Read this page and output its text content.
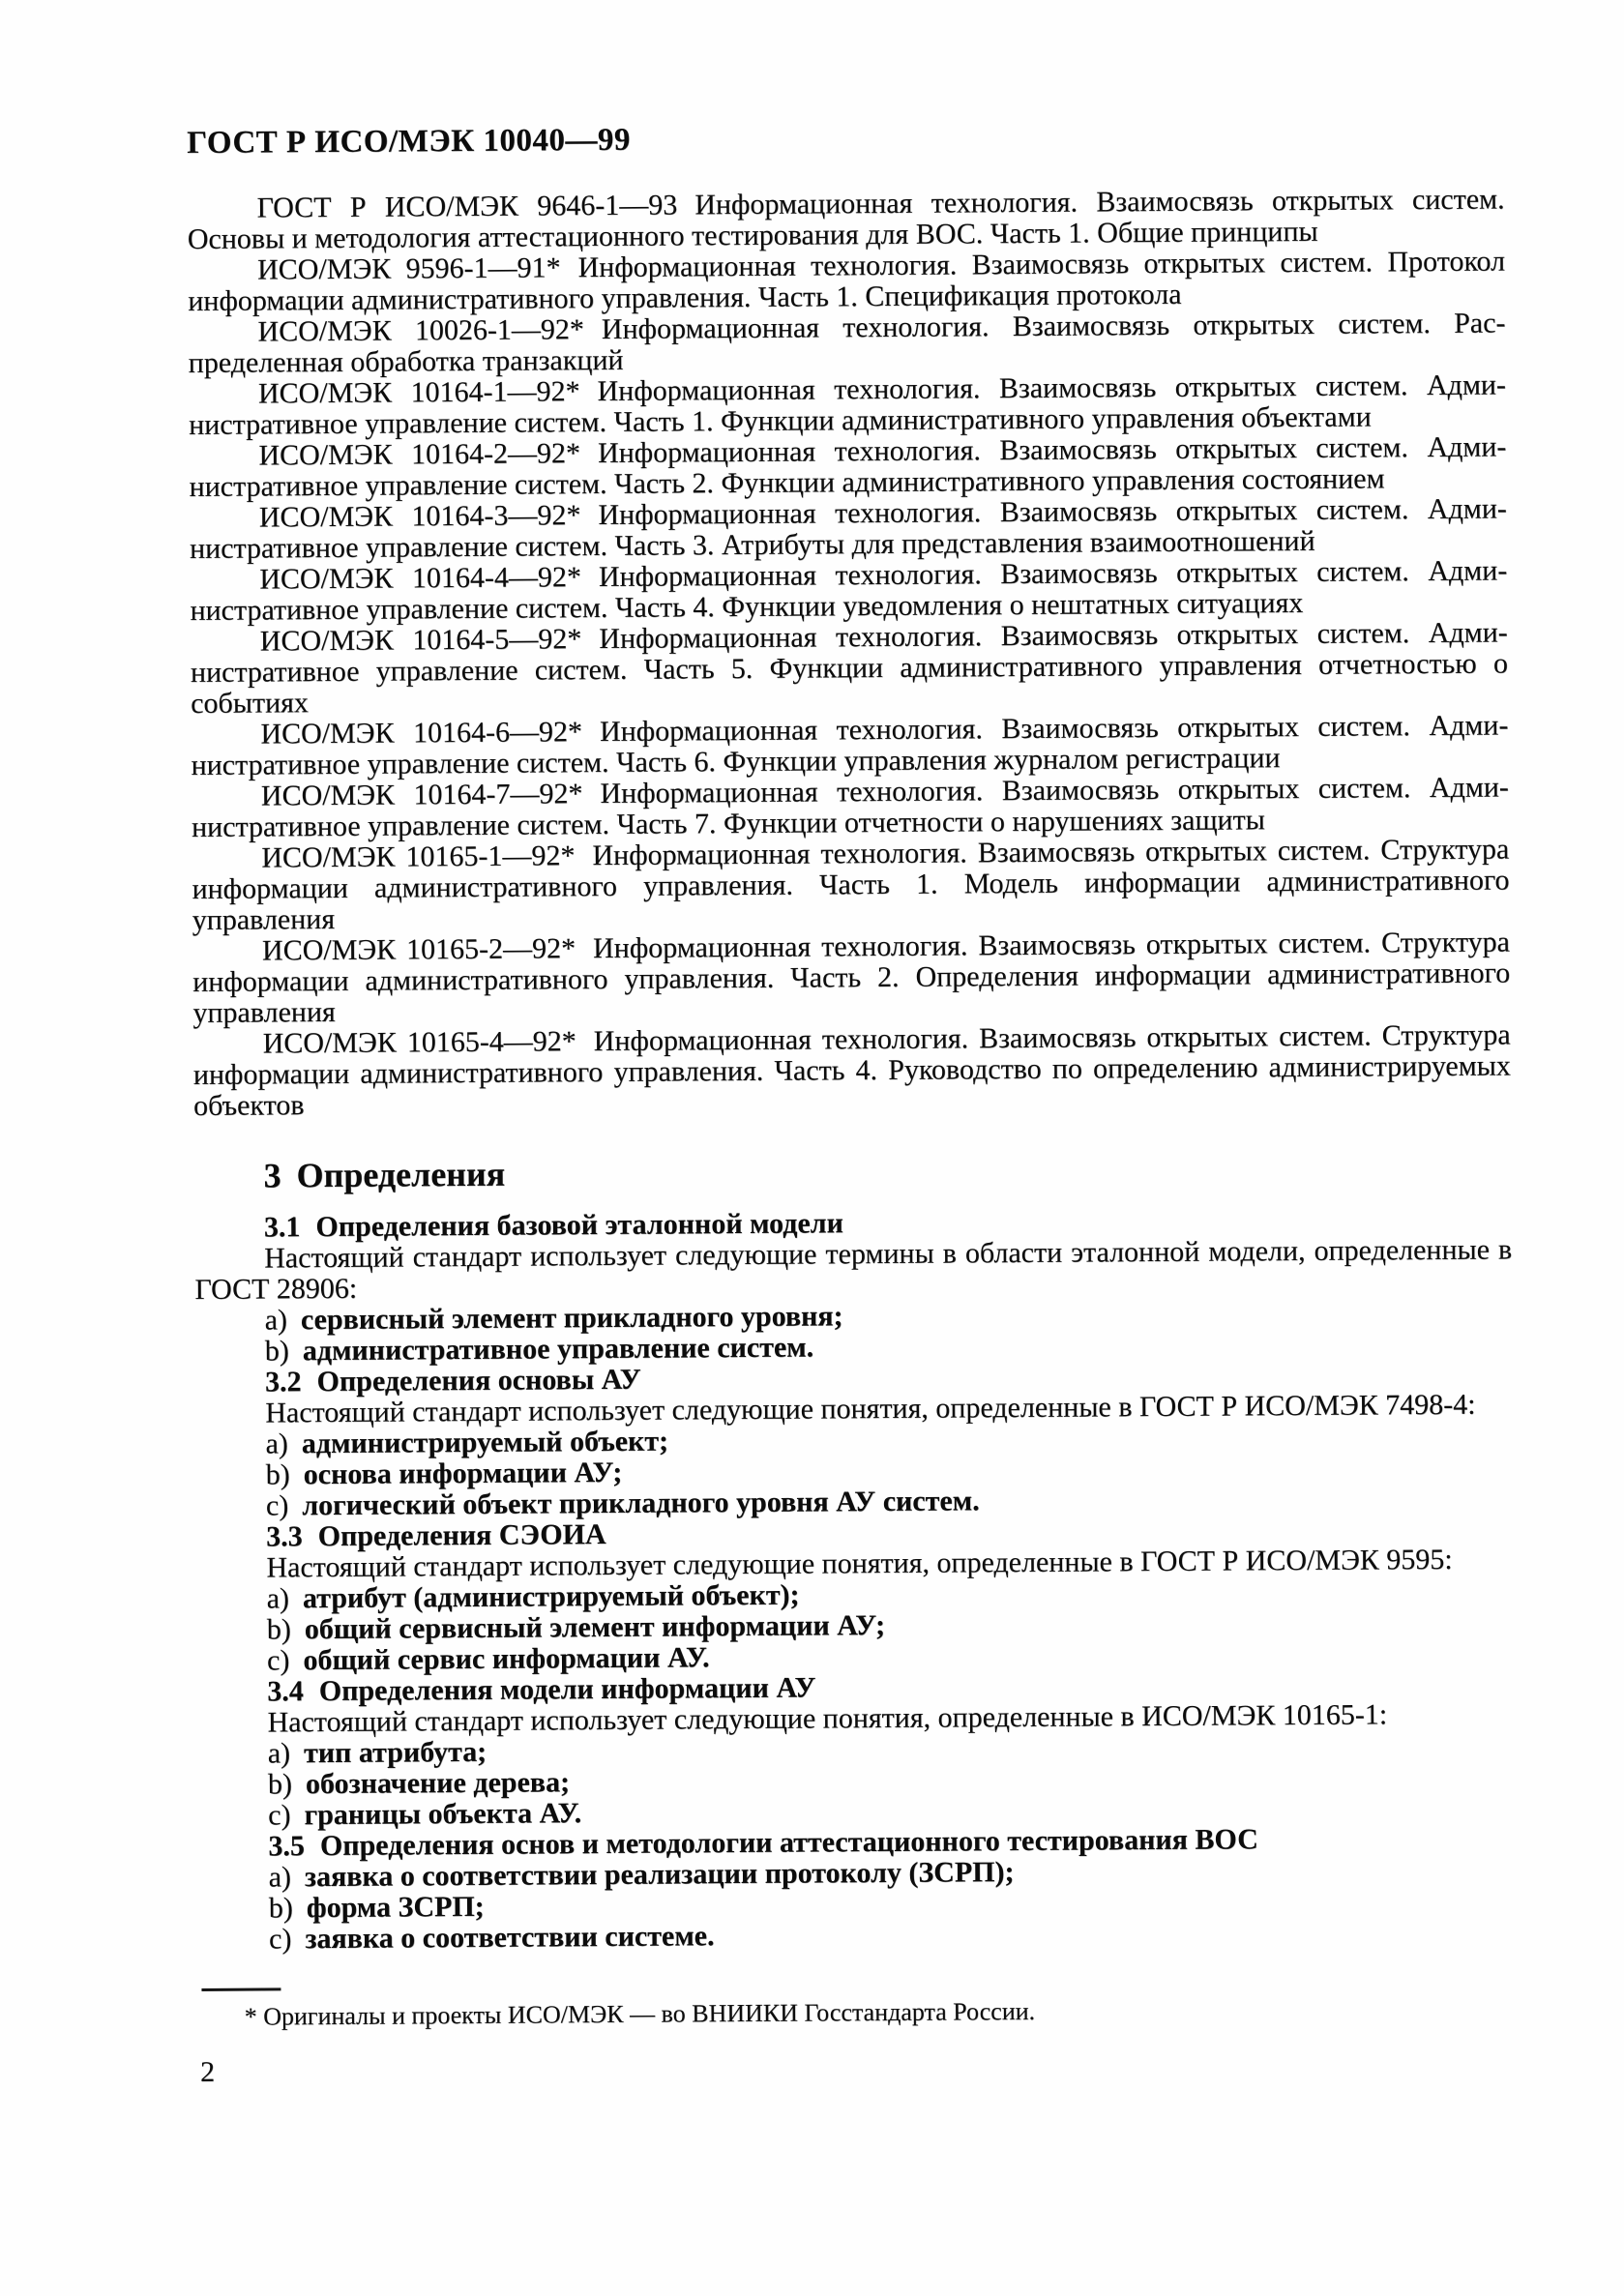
ГОСТ Р ИСО/МЭК 10040—99

ГОСТ Р ИСО/МЭК 9646-1—93 Информационная технология. Взаимосвязь открытых систем. Основы и методология аттестационного тестирования для ВОС. Часть 1. Общие принципы

ИСО/МЭК 9596-1—91* Информационная технология. Взаимосвязь открытых систем. Протокол информации административного управления. Часть 1. Спецификация протокола

ИСО/МЭК 10026-1—92* Информационная технология. Взаимосвязь открытых систем. Распределенная обработка транзакций

ИСО/МЭК 10164-1—92* Информационная технология. Взаимосвязь открытых систем. Административное управление систем. Часть 1. Функции административного управления объектами

ИСО/МЭК 10164-2—92* Информационная технология. Взаимосвязь открытых систем. Административное управление систем. Часть 2. Функции административного управления состоянием

ИСО/МЭК 10164-3—92* Информационная технология. Взаимосвязь открытых систем. Административное управление систем. Часть 3. Атрибуты для представления взаимоотношений

ИСО/МЭК 10164-4—92* Информационная технология. Взаимосвязь открытых систем. Административное управление систем. Часть 4. Функции уведомления о нештатных ситуациях

ИСО/МЭК 10164-5—92* Информационная технология. Взаимосвязь открытых систем. Административное управление систем. Часть 5. Функции административного управления отчетностью о событиях

ИСО/МЭК 10164-6—92* Информационная технология. Взаимосвязь открытых систем. Административное управление систем. Часть 6. Функции управления журналом регистрации

ИСО/МЭК 10164-7—92* Информационная технология. Взаимосвязь открытых систем. Административное управление систем. Часть 7. Функции отчетности о нарушениях защиты

ИСО/МЭК 10165-1—92* Информационная технология. Взаимосвязь открытых систем. Структура информации административного управления. Часть 1. Модель информации административного управления

ИСО/МЭК 10165-2—92* Информационная технология. Взаимосвязь открытых систем. Структура информации административного управления. Часть 2. Определения информации административного управления

ИСО/МЭК 10165-4—92* Информационная технология. Взаимосвязь открытых систем. Структура информации административного управления. Часть 4. Руководство по определению администрируемых объектов

3 Определения

3.1 Определения базовой эталонной модели

Настоящий стандарт использует следующие термины в области эталонной модели, определенные в ГОСТ 28906:

a) сервисный элемент прикладного уровня;

b) административное управление систем.

3.2 Определения основы АУ

Настоящий стандарт использует следующие понятия, определенные в ГОСТ Р ИСО/МЭК 7498-4:

a) администрируемый объект;

b) основа информации АУ;

c) логический объект прикладного уровня АУ систем.

3.3 Определения СЭОИА

Настоящий стандарт использует следующие понятия, определенные в ГОСТ Р ИСО/МЭК 9595:

a) атрибут (администрируемый объект);

b) общий сервисный элемент информации АУ;

c) общий сервис информации АУ.

3.4 Определения модели информации АУ

Настоящий стандарт использует следующие понятия, определенные в ИСО/МЭК 10165-1:

a) тип атрибута;

b) обозначение дерева;

c) границы объекта АУ.

3.5 Определения основ и методологии аттестационного тестирования ВОС

a) заявка о соответствии реализации протоколу (ЗСРП);

b) форма ЗСРП;

c) заявка о соответствии системе.

* Оригиналы и проекты ИСО/МЭК — во ВНИИКИ Госстандарта России.

2
